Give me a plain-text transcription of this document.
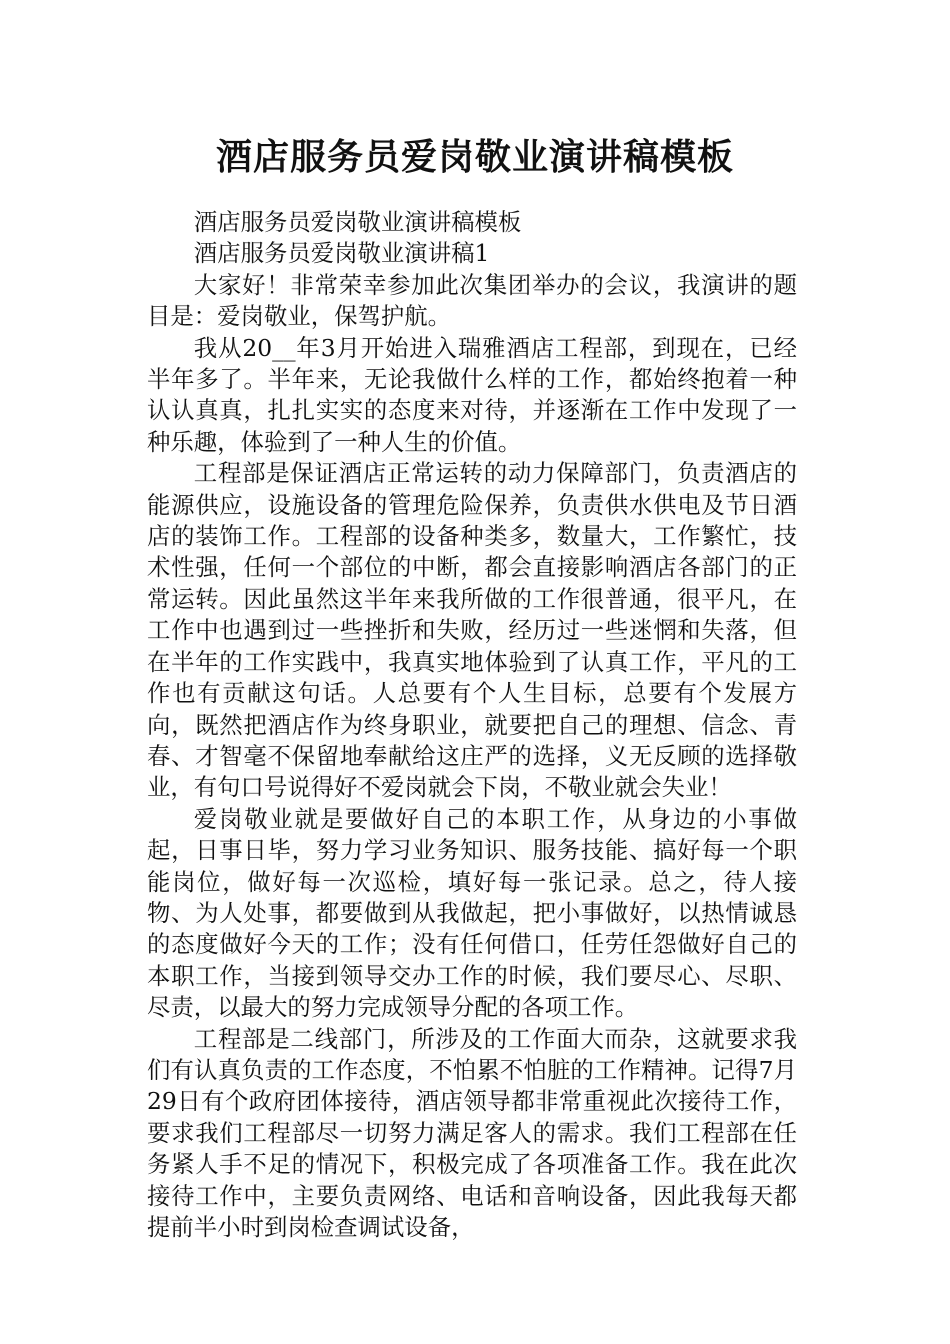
酒店服务员爱岗敬业演讲稿模板

酒店服务员爱岗敬业演讲稿模板

酒店服务员爱岗敬业演讲稿1

大家好！非常荣幸参加此次集团举办的会议，我演讲的题目是：爱岗敬业，保驾护航。

我从20__年3月开始进入瑞雅酒店工程部，到现在，已经半年多了。半年来，无论我做什么样的工作，都始终抱着一种认认真真，扎扎实实的态度来对待，并逐渐在工作中发现了一种乐趣，体验到了一种人生的价值。

工程部是保证酒店正常运转的动力保障部门，负责酒店的能源供应，设施设备的管理危险保养，负责供水供电及节日酒店的装饰工作。工程部的设备种类多，数量大，工作繁忙，技术性强，任何一个部位的中断，都会直接影响酒店各部门的正常运转。因此虽然这半年来我所做的工作很普通，很平凡，在工作中也遇到过一些挫折和失败，经历过一些迷惘和失落，但在半年的工作实践中，我真实地体验到了认真工作，平凡的工作也有贡献这句话。人总要有个人生目标，总要有个发展方向，既然把酒店作为终身职业，就要把自己的理想、信念、青春、才智毫不保留地奉献给这庄严的选择，义无反顾的选择敬业，有句口号说得好不爱岗就会下岗，不敬业就会失业！

爱岗敬业就是要做好自己的本职工作，从身边的小事做起，日事日毕，努力学习业务知识、服务技能、搞好每一个职能岗位，做好每一次巡检，填好每一张记录。总之，待人接物、为人处事，都要做到从我做起，把小事做好，以热情诚恳的态度做好今天的工作；没有任何借口，任劳任怨做好自己的本职工作，当接到领导交办工作的时候，我们要尽心、尽职、尽责，以最大的努力完成领导分配的各项工作。

工程部是二线部门，所涉及的工作面大而杂，这就要求我们有认真负责的工作态度，不怕累不怕脏的工作精神。记得7月29日有个政府团体接待，酒店领导都非常重视此次接待工作，要求我们工程部尽一切努力满足客人的需求。我们工程部在任务紧人手不足的情况下，积极完成了各项准备工作。我在此次接待工作中，主要负责网络、电话和音响设备，因此我每天都提前半小时到岗检查调试设备，
